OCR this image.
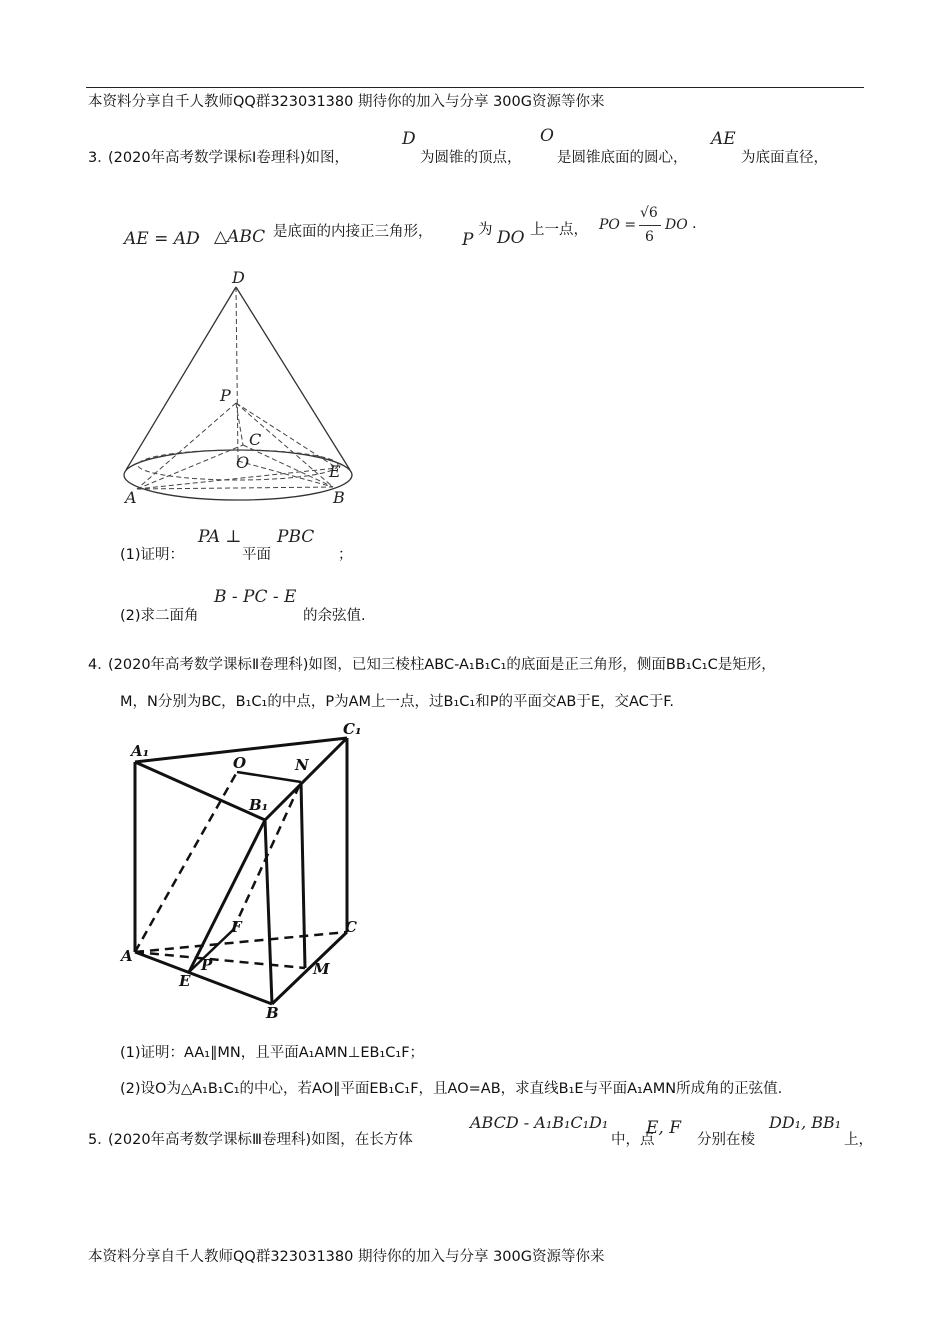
本资料分享自千人教师QQ群323031380 期待你的加入与分享 300G资源等你来
3．
(2020年高考数学课标Ⅰ卷理科)如图，
D
为圆锥的顶点，
O
是圆锥底面的圆心，
AE
为底面直径，
AE = AD
． △ABC 是底面的内接正三角形， P 为 DO 上一点， PO =
√6
6
DO .
D
P
C
O	E
A	B
(1)证明：
PA ⊥
平面
PBC
；
(2)求二面角
B - PC - E
的余弦值.
4．
(2020年高考数学课标Ⅱ卷理科)如图，已知三棱柱ABC-A₁B₁C₁的底面是正三角形，侧面BB₁C₁C是矩形，
M，N分别为BC，B₁C₁的中点，P为AM上一点，过B₁C₁和P的平面交AB于E，交AC于F.
A₁
O	N
C₁
B₁
F	C
A	P	M
E
B
(1)证明：AA₁∥MN，且平面A₁AMN⊥EB₁C₁F；
(2)设O为△A₁B₁C₁的中心，若AO∥平面EB₁C₁F，且AO=AB，求直线B₁E与平面A₁AMN所成角的正弦值.
5．
(2020年高考数学课标Ⅲ卷理科)如图，在长方体
ABCD - A₁B₁C₁D₁
中，点
E, F
分别在棱
DD₁, BB₁
上，
本资料分享自千人教师QQ群323031380 期待你的加入与分享 300G资源等你来
